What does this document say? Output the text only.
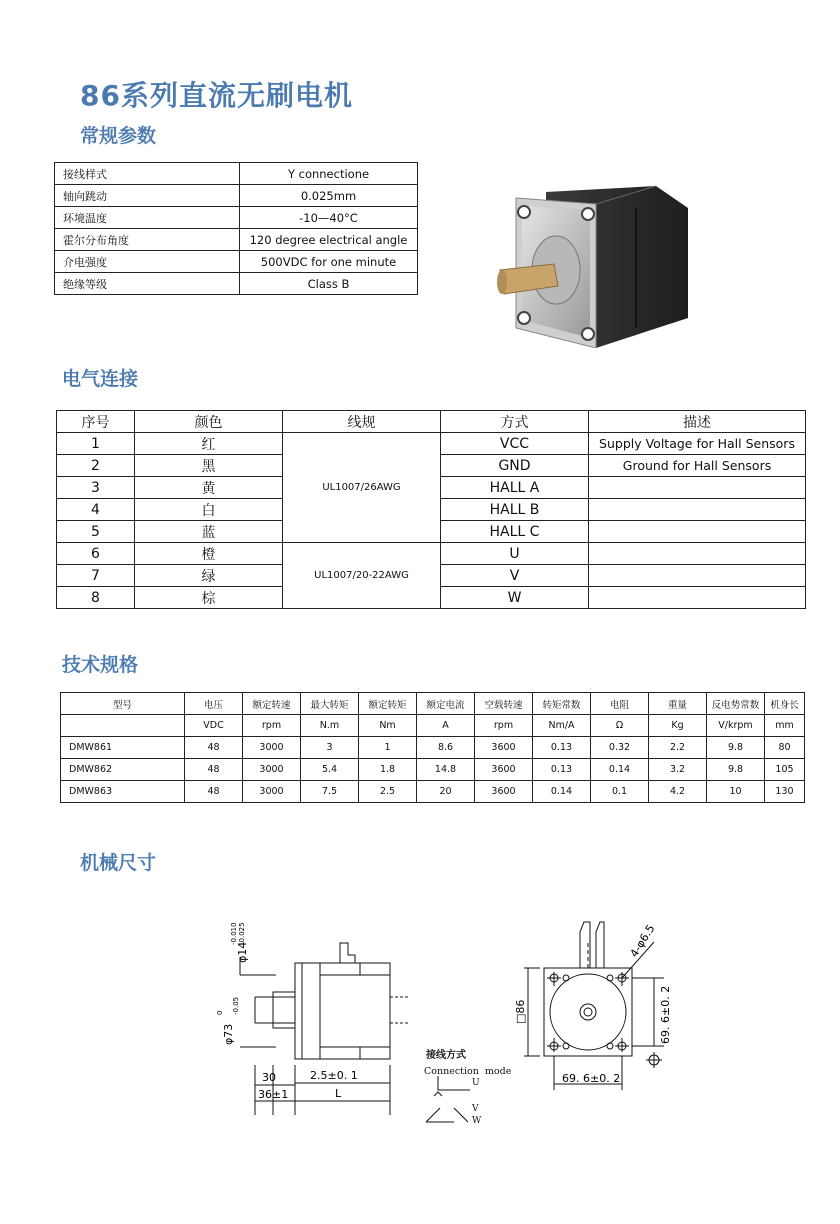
86系列直流无刷电机
常规参数
接线样式	Y connectione
轴向跳动	0.025mm
环境温度	-10—40°C
霍尔分布角度	120 degree electrical angle
介电强度	500VDC for one minute
绝缘等级	Class B
电气连接
序号	颜色	线规	方式	描述
1	红	UL1007/26AWG	VCC	Supply Voltage for Hall Sensors
2	黑		GND	Ground for Hall Sensors
3	黄		HALL A	
4	白		HALL B	
5	蓝		HALL C	
6	橙	UL1007/20-22AWG	U	
7	绿		V	
8	棕		W	
技术规格
型号	电压	额定转速	最大转矩	额定转矩	额定电流	空载转速	转矩常数	电阻	重量	反电势常数	机身长
	VDC	rpm	N.m	Nm	A	rpm	Nm/A	Ω	Kg	V/krpm	mm
DMW861	48	3000	3	1	8.6	3600	0.13	0.32	2.2	9.8	80
DMW862	48	3000	5.4	1.8	14.8	3600	0.13	0.14	3.2	9.8	105
DMW863	48	3000	7.5	2.5	20	3600	0.14	0.1	4.2	10	130
机械尺寸
30	2.5±0. 1
36±1	L
φ14
-0.010 -0.025
φ73
0 -0.05
接线方式
Connection  mode
U
V
W
□86	69. 6±0. 2
69. 6±0. 2
4-φ6.5
